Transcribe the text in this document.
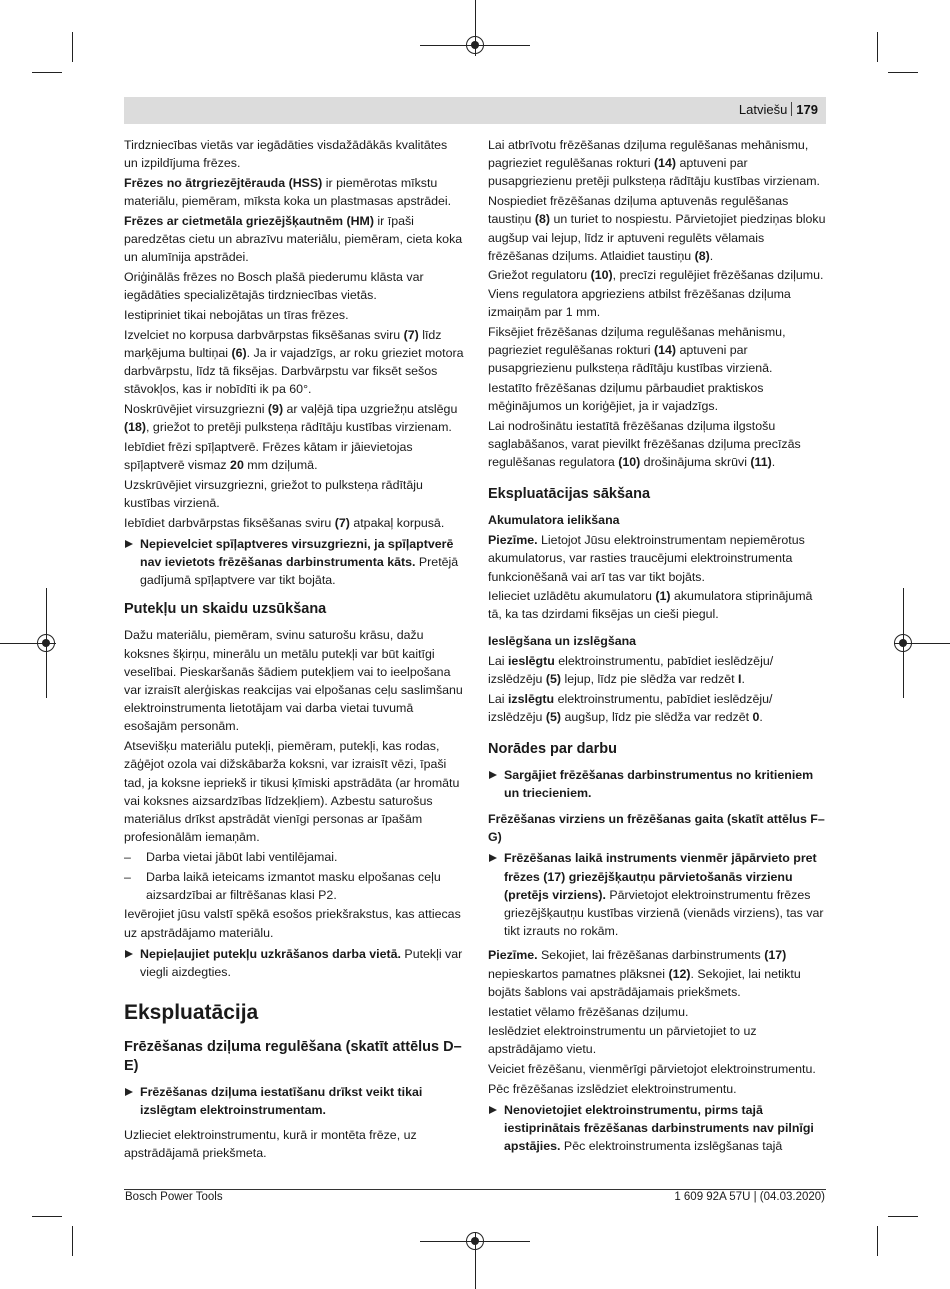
Latviešu 179

Tirdzniecības vietās var iegādāties visdažādākās kvalitātes un izpildījuma frēzes.

Frēzes no ātrgriezējtērauda (HSS) ir piemērotas mīkstu materiālu, piemēram, mīksta koka un plastmasas apstrādei.

Frēzes ar cietmetāla griezējšķautnēm (HM) ir īpaši paredzētas cietu un abrazīvu materiālu, piemēram, cieta koka un alumīnija apstrādei.

Oriģinālās frēzes no Bosch plašā piederumu klāsta var iegādāties specializētajās tirdzniecības vietās.

Iestipriniet tikai nebojātas un tīras frēzes.

Izvelciet no korpusa darbvārpstas fiksēšanas sviru (7) līdz marķējuma bultiņai (6). Ja ir vajadzīgs, ar roku grieziet motora darbvārpstu, līdz tā fiksējas. Darbvārpstu var fiksēt sešos stāvokļos, kas ir nobīdīti ik pa 60°.

Noskrūvējiet virsuzgriezni (9) ar vaļējā tipa uzgriežņu atslēgu (18), griežot to pretēji pulksteņa rādītāju kustības virzienam.

Iebīdiet frēzi spīļaptverē. Frēzes kātam ir jāievietojas spīļaptverē vismaz 20 mm dziļumā.

Uzskrūvējiet virsuzgriezni, griežot to pulksteņa rādītāju kustības virzienā.

Iebīdiet darbvārpstas fiksēšanas sviru (7) atpakaļ korpusā.

Nepievelciet spīļaptveres virsuzgriezni, ja spīļaptverē nav ievietots frēzēšanas darbinstrumenta kāts. Pretējā gadījumā spīļaptvere var tikt bojāta.
Putekļu un skaidu uzsūkšana

Dažu materiālu, piemēram, svinu saturošu krāsu, dažu koksnes šķirņu, minerālu un metālu putekļi var būt kaitīgi veselībai. Pieskaršanās šādiem putekļiem vai to ieelpošana var izraisīt alerģiskas reakcijas vai elpošanas ceļu saslimšanu elektroinstrumenta lietotājam vai darba vietai tuvumā esošajām personām.

Atsevišķu materiālu putekļi, piemēram, putekļi, kas rodas, zāģējot ozola vai dižskābarža koksni, var izraisīt vēzi, īpaši tad, ja koksne iepriekš ir tikusi ķīmiski apstrādāta (ar hromātu vai koksnes aizsardzības līdzekļiem). Azbestu saturošus materiālus drīkst apstrādāt vienīgi personas ar īpašām profesionālām iemaņām.

– Darba vietai jābūt labi ventilējamai.
– Darba laikā ieteicams izmantot masku elpošanas ceļu aizsardzībai ar filtrēšanas klasi P2.

Ievērojiet jūsu valstī spēkā esošos priekšrakstus, kas attiecas uz apstrādājamo materiālu.

Nepieļaujiet putekļu uzkrāšanos darba vietā. Putekļi var viegli aizdegties.
Ekspluatācija
Frēzēšanas dziļuma regulēšana (skatīt attēlus D–E)
Frēzēšanas dziļuma iestatīšanu drīkst veikt tikai izslēgtam elektroinstrumentam.

Uzlieciet elektroinstrumentu, kurā ir montēta frēze, uz apstrādājamā priekšmeta.

Lai atbrīvotu frēzēšanas dziļuma regulēšanas mehānismu, pagrieziet regulēšanas rokturi (14) aptuveni par pusapgriezienu pretēji pulksteņa rādītāju kustības virzienam.

Nospiediet frēzēšanas dziļuma aptuvenās regulēšanas taustiņu (8) un turiet to nospiestu. Pārvietojiet piedziņas bloku augšup vai lejup, līdz ir aptuveni regulēts vēlamais frēzēšanas dziļums. Atlaidiet taustiņu (8).

Griežot regulatoru (10), precīzi regulējiet frēzēšanas dziļumu. Viens regulatora apgrieziens atbilst frēzēšanas dziļuma izmaiņām par 1 mm.

Fiksējiet frēzēšanas dziļuma regulēšanas mehānismu, pagrieziet regulēšanas rokturi (14) aptuveni par pusapgriezienu pulksteņa rādītāju kustības virzienā.

Iestatīto frēzēšanas dziļumu pārbaudiet praktiskos mēģinājumos un koriģējiet, ja ir vajadzīgs.

Lai nodrošinātu iestatītā frēzēšanas dziļuma ilgstošu saglabāšanos, varat pievilkt frēzēšanas dziļuma precīzās regulēšanas regulatora (10) drošinājuma skrūvi (11).

Ekspluatācijas sākšana
Akumulatora ielikšana

Piezīme. Lietojot Jūsu elektroinstrumentam nepiemērotus akumulatorus, var rasties traucējumi elektroinstrumenta funkcionēšanā vai arī tas var tikt bojāts.

Ielieciet uzlādētu akumulatoru (1) akumulatora stiprinājumā tā, ka tas dzirdami fiksējas un cieši piegul.

Ieslēgšana un izslēgšana

Lai ieslēgtu elektroinstrumentu, pabīdiet ieslēdzēju/ izslēdzēju (5) lejup, līdz pie slēdža var redzēt I.

Lai izslēgtu elektroinstrumentu, pabīdiet ieslēdzēju/ izslēdzēju (5) augšup, līdz pie slēdža var redzēt 0.

Norādes par darbu
Sargājiet frēzēšanas darbinstrumentus no kritieniem un triecieniem.
Frēzēšanas virziens un frēzēšanas gaita (skatīt attēlus F–G)
Frēzēšanas laikā instruments vienmēr jāpārvieto pret frēzes (17) griezējšķautņu pārvietošanās virzienu (pretējs virziens). Pārvietojot elektroinstrumentu frēzes griezējšķautņu kustības virzienā (vienāds virziens), tas var tikt izrauts no rokām.

Piezīme. Sekojiet, lai frēzēšanas darbinstruments (17) nepieskartos pamatnes plāksnei (12). Sekojiet, lai netiktu bojāts šablons vai apstrādājamais priekšmets.

Iestatiet vēlamo frēzēšanas dziļumu.

Ieslēdziet elektroinstrumentu un pārvietojiet to uz apstrādājamo vietu.

Veiciet frēzēšanu, vienmērīgi pārvietojot elektroinstrumentu.

Pēc frēzēšanas izslēdziet elektroinstrumentu.

Nenovietojiet elektroinstrumentu, pirms tajā iestiprinātais frēzēšanas darbinstruments nav pilnīgi apstājies. Pēc elektroinstrumenta izslēgšanas tajā
Bosch Power Tools	1 609 92A 57U | (04.03.2020)
